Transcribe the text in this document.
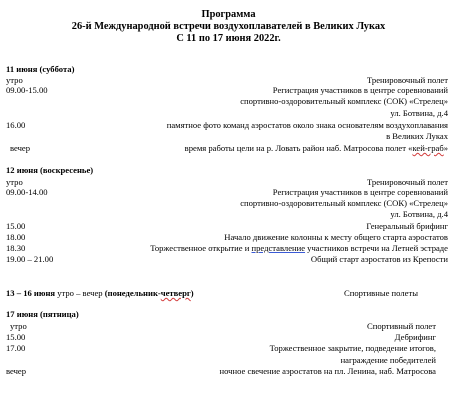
Программа
26-й Международной встречи воздухоплавателей в Великих Луках
С 11 по 17 июня 2022г.
11 июня (суббота)
утро	Тренировочный полет
09.00-15.00	Регистрация участников в центре соревнований
спортивно-оздоровительный комплекс (СОК) «Стрелец»
ул. Ботвина, д.4
16.00	памятное фото команд аэростатов около знака основателям воздухоплавания
в Великих Луках
вечер	время работы цели на р. Ловать район наб. Матросова полет «кей-граб»
12 июня (воскресенье)
утро	Тренировочный полет
09.00-14.00	Регистрация участников в центре соревнований
спортивно-оздоровительный комплекс (СОК) «Стрелец»
ул. Ботвина, д.4
15.00	Генеральный брифинг
18.00	Начало движение колонны к месту общего старта аэростатов
18.30	Торжественное открытие и представление участников встречи на Летней эстраде
19.00 – 21.00	Общий старт аэростатов из Крепости
13 – 16 июня утро – вечер (понедельник-четверг)	Спортивные полеты
17 июня (пятница)
утро	Спортивный полет
15.00	Дебрифинг
17.00	Торжественное закрытие, подведение итогов,
награждение победителей
вечер	ночное свечение аэростатов на пл. Ленина, наб. Матросова
